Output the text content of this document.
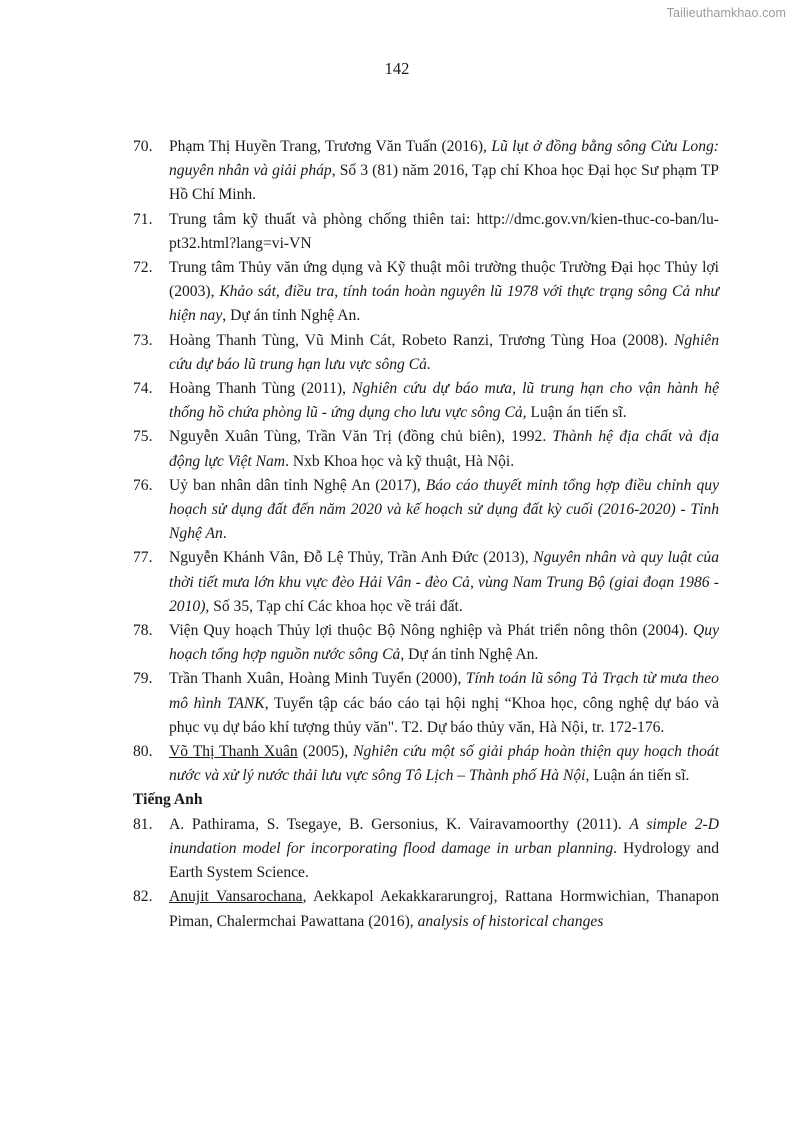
Tailieuthamkhao.com
142
70. Phạm Thị Huyền Trang, Trương Văn Tuấn (2016), Lũ lụt ở đồng bằng sông Cửu Long: nguyên nhân và giải pháp, Số 3 (81) năm 2016, Tạp chí Khoa học Đại học Sư phạm TP Hồ Chí Minh.
71. Trung tâm kỹ thuất và phòng chống thiên tai: http://dmc.gov.vn/kien-thuc-co-ban/lu-pt32.html?lang=vi-VN
72. Trung tâm Thủy văn ứng dụng và Kỹ thuật môi trường thuộc Trường Đại học Thủy lợi (2003), Khảo sát, điều tra, tính toán hoàn nguyên lũ 1978 với thực trạng sông Cả như hiện nay, Dự án tỉnh Nghệ An.
73. Hoàng Thanh Tùng, Vũ Minh Cát, Robeto Ranzi, Trương Tùng Hoa (2008). Nghiên cứu dự báo lũ trung hạn lưu vực sông Cả.
74. Hoàng Thanh Tùng (2011), Nghiên cứu dự báo mưa, lũ trung hạn cho vận hành hệ thống hồ chứa phòng lũ - ứng dụng cho lưu vực sông Cả, Luận án tiến sĩ.
75. Nguyễn Xuân Tùng, Trần Văn Trị (đồng chủ biên), 1992. Thành hệ địa chất và địa động lực Việt Nam. Nxb Khoa học và kỹ thuật, Hà Nội.
76. Uỷ ban nhân dân tỉnh Nghệ An (2017), Báo cáo thuyết minh tổng hợp điều chỉnh quy hoạch sử dụng đất đến năm 2020 và kế hoạch sử dụng đất kỳ cuối (2016-2020) - Tỉnh Nghệ An.
77. Nguyễn Khánh Vân, Đỗ Lệ Thủy, Trần Anh Đức (2013), Nguyên nhân và quy luật của thời tiết mưa lớn khu vực đèo Hải Vân - đèo Cả, vùng Nam Trung Bộ (giai đoạn 1986 - 2010), Số 35, Tạp chí Các khoa học về trái đất.
78. Viện Quy hoạch Thủy lợi thuộc Bộ Nông nghiệp và Phát triển nông thôn (2004). Quy hoạch tổng hợp nguồn nước sông Cả, Dự án tỉnh Nghệ An.
79. Trần Thanh Xuân, Hoàng Minh Tuyển (2000), Tính toán lũ sông Tả Trạch từ mưa theo mô hình TANK, Tuyển tập các báo cáo tại hội nghị “Khoa học, công nghệ dự báo và phục vụ dự báo khí tượng thủy văn". T2. Dự báo thủy văn, Hà Nội, tr. 172-176.
80. Võ Thị Thanh Xuân (2005), Nghiên cứu một số giải pháp hoàn thiện quy hoạch thoát nước và xử lý nước thải lưu vực sông Tô Lịch – Thành phố Hà Nội, Luận án tiến sĩ.
Tiếng Anh
81. A. Pathirama, S. Tsegaye, B. Gersonius, K. Vairavamoorthy (2011). A simple 2-D inundation model for incorporating flood damage in urban planning. Hydrology and Earth System Science.
82. Anujit Vansarochana, Aekkapol Aekakkararungroj, Rattana Hormwichian, Thanapon Piman, Chalermchai Pawattana (2016), analysis of historical changes
